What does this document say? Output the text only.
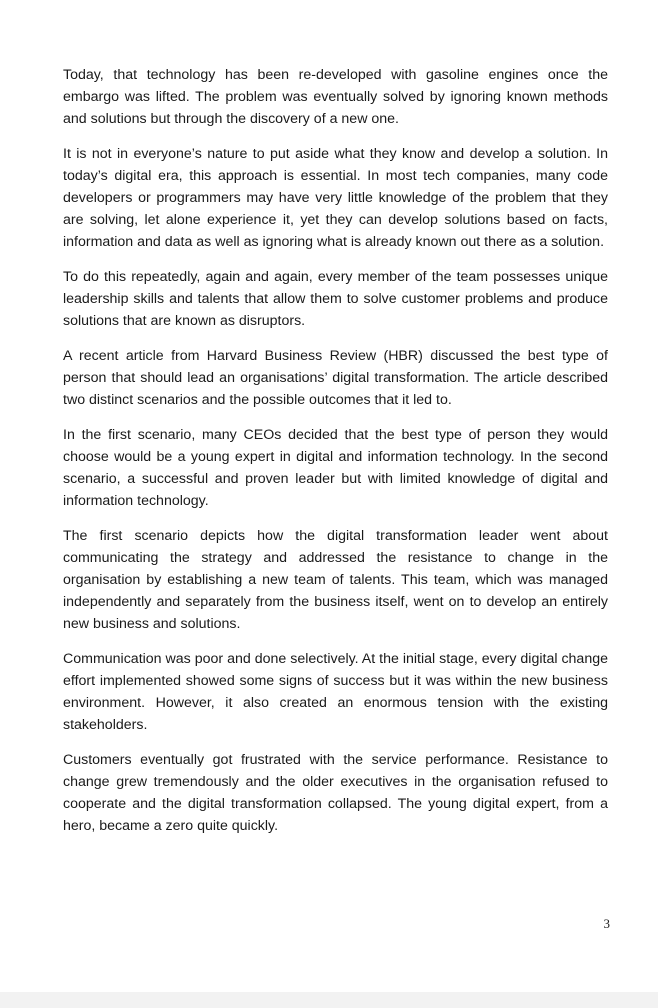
Today, that technology has been re-developed with gasoline engines once the embargo was lifted. The problem was eventually solved by ignoring known methods and solutions but through the discovery of a new one.

It is not in everyone’s nature to put aside what they know and develop a solution. In today’s digital era, this approach is essential. In most tech companies, many code developers or programmers may have very little knowledge of the problem that they are solving, let alone experience it, yet they can develop solutions based on facts, information and data as well as ignoring what is already known out there as a solution.

To do this repeatedly, again and again, every member of the team possesses unique leadership skills and talents that allow them to solve customer problems and produce solutions that are known as disruptors.

A recent article from Harvard Business Review (HBR) discussed the best type of person that should lead an organisations’ digital transformation. The article described two distinct scenarios and the possible outcomes that it led to.

In the first scenario, many CEOs decided that the best type of person they would choose would be a young expert in digital and information technology. In the second scenario, a successful and proven leader but with limited knowledge of digital and information technology.

The first scenario depicts how the digital transformation leader went about communicating the strategy and addressed the resistance to change in the organisation by establishing a new team of talents. This team, which was managed independently and separately from the business itself, went on to develop an entirely new business and solutions.

Communication was poor and done selectively. At the initial stage, every digital change effort implemented showed some signs of success but it was within the new business environment. However, it also created an enormous tension with the existing stakeholders.

Customers eventually got frustrated with the service performance. Resistance to change grew tremendously and the older executives in the organisation refused to cooperate and the digital transformation collapsed. The young digital expert, from a hero, became a zero quite quickly.

3
